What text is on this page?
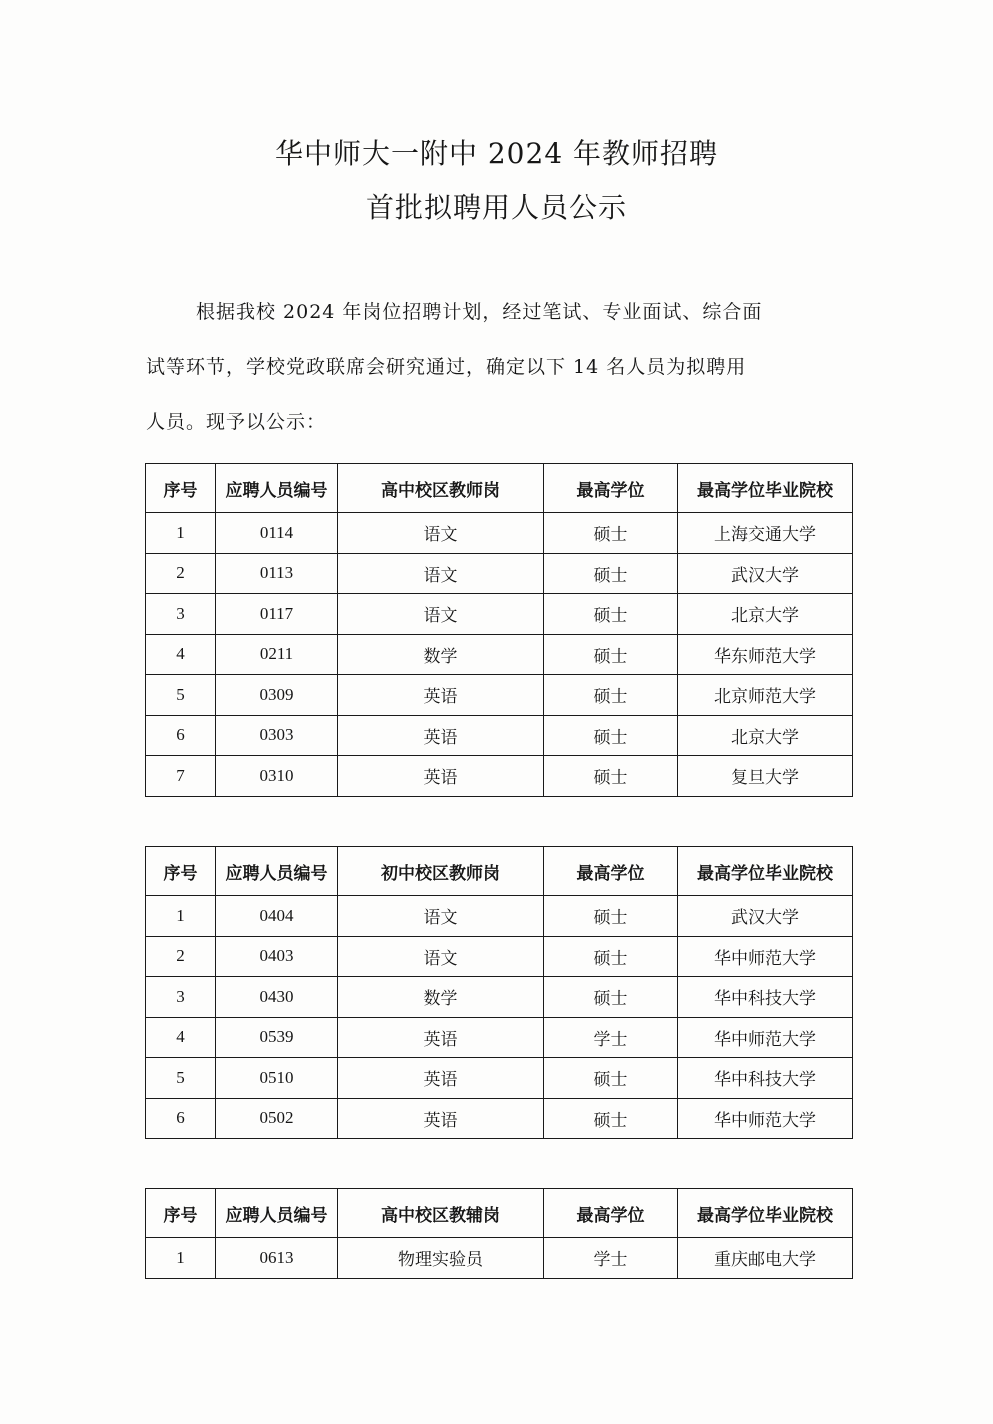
华中师大一附中 2024 年教师招聘
首批拟聘用人员公示
根据我校 2024 年岗位招聘计划，经过笔试、专业面试、综合面
试等环节，学校党政联席会研究通过，确定以下 14 名人员为拟聘用
人员。现予以公示：
序号	应聘人员编号	高中校区教师岗	最高学位	最高学位毕业院校
1	0114	语文	硕士	上海交通大学
2	0113	语文	硕士	武汉大学
3	0117	语文	硕士	北京大学
4	0211	数学	硕士	华东师范大学
5	0309	英语	硕士	北京师范大学
6	0303	英语	硕士	北京大学
7	0310	英语	硕士	复旦大学
序号	应聘人员编号	初中校区教师岗	最高学位	最高学位毕业院校
1	0404	语文	硕士	武汉大学
2	0403	语文	硕士	华中师范大学
3	0430	数学	硕士	华中科技大学
4	0539	英语	学士	华中师范大学
5	0510	英语	硕士	华中科技大学
6	0502	英语	硕士	华中师范大学
序号	应聘人员编号	高中校区教辅岗	最高学位	最高学位毕业院校
1	0613	物理实验员	学士	重庆邮电大学
